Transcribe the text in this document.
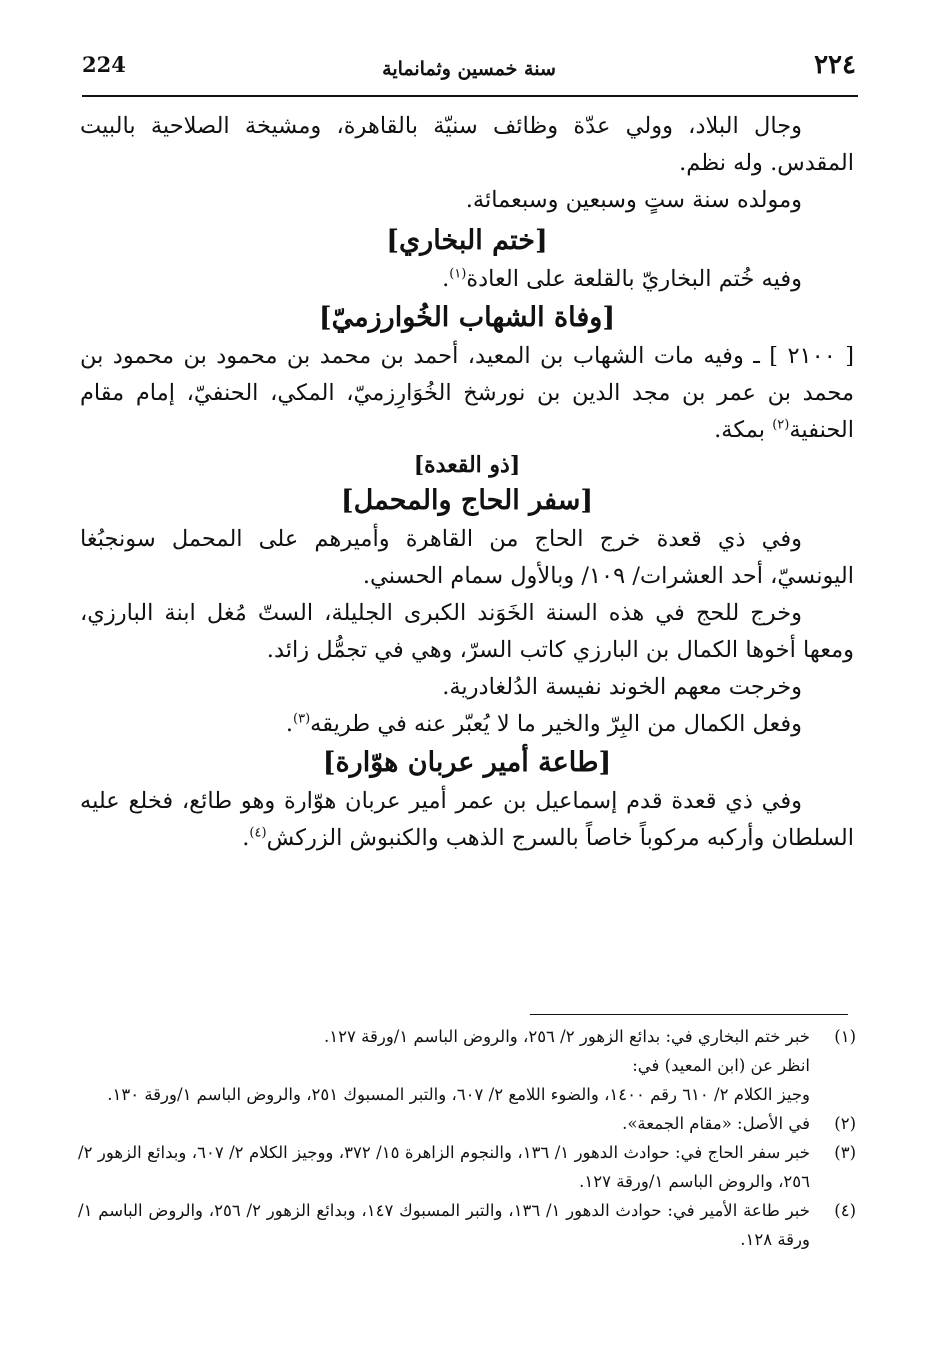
224	سنة خمسين وثمانماية	٢٢٤

وجال البلاد، وولي عدّة وظائف سنيّة بالقاهرة، ومشيخة الصلاحية بالبيت المقدس. وله نظم.

ومولده سنة ستٍ وسبعين وسبعمائة.

[ختم البخاري]

وفيه خُتم البخاريّ بالقلعة على العادة$^{(١)}$.

[وفاة الشهاب الخُوارزميّ]

[ ٢١٠٠ ] ـ وفيه مات الشهاب بن المعيد، أحمد بن محمد بن محمود بن محمود بن محمد بن عمر بن مجد الدين بن نورشخ الخُوَارِزميّ، المكي، الحنفيّ، إمام مقام الحنفية$^{(٢)}$ بمكة.

[ذو القعدة]

[سفر الحاج والمحمل]

وفي ذي قعدة خرج الحاج من القاهرة وأميرهم على المحمل سونجبُغا اليونسيّ، أحد العشرات/ ١٠٩/ وبالأول سمام الحسني.

وخرج للحج في هذه السنة الخَوَند الكبرى الجليلة، الستّ مُغل ابنة البارزي، ومعها أخوها الكمال بن البارزي كاتب السرّ، وهي في تجمُّل زائد.

وخرجت معهم الخوند نفيسة الدُلغادرية.

وفعل الكمال من البِرّ والخير ما لا يُعبّر عنه في طريقه$^{(٣)}$.

[طاعة أمير عربان هوّارة]

وفي ذي قعدة قدم إسماعيل بن عمر أمير عربان هوّارة وهو طائع، فخلع عليه السلطان وأركبه مركوباً خاصاً بالسرج الذهب والكنبوش الزركش$^{(٤)}$.

(١)

خبر ختم البخاري في: بدائع الزهور ٢/ ٢٥٦، والروض الباسم ١/ورقة ١٢٧.

انظر عن (ابن المعيد) في:

وجيز الكلام ٢/ ٦١٠ رقم ١٤٠٠، والضوء اللامع ٢/ ٦٠٧، والتبر المسبوك ٢٥١، والروض الباسم ١/ورقة ١٣٠.

(٢)

في الأصل: «مقام الجمعة».

(٣)

خبر سفر الحاج في: حوادث الدهور ١/ ١٣٦، والنجوم الزاهرة ١٥/ ٣٧٢، ووجيز الكلام ٢/ ٦٠٧، وبدائع الزهور ٢/ ٢٥٦، والروض الباسم ١/ورقة ١٢٧.

(٤)

خبر طاعة الأمير في: حوادث الدهور ١/ ١٣٦، والتبر المسبوك ١٤٧، وبدائع الزهور ٢/ ٢٥٦، والروض الباسم ١/ورقة ١٢٨.
